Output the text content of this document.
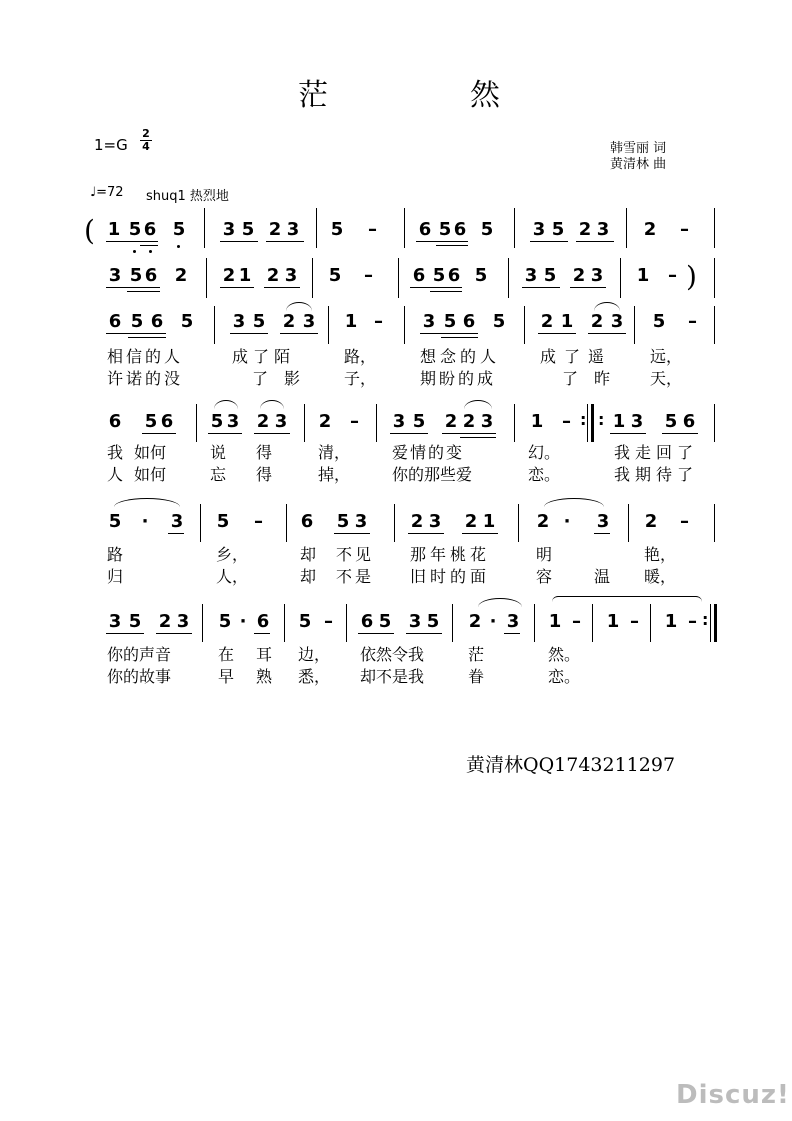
茫	然
1=G
2
4	韩雪丽 词
黄清林 曲
♩=72 shuq1 热烈地
( 1 5 6 5 3 5 2 3 5 – 6 5 6 5 3 5 2 3 2 –
3 5 6 2 2 1 2 3 5 – 6 5 6 5 3 5 2 3 1 – )
6 5 6 5 3 5 2 3 1 – 3 5 6 5 2 1 2 3 5 –
相信的人	成了陌	路，	想念的人 成了遥 远，
许诺的没	了 影	子，	期盼的成	了 昨 天，
6 5 6 5 3 2 3 2 – 3 5 2 2 3 1 – : : 1 3 5 6
我 如何	说 得	清，	爱情的变	幻。	我走回了
人 如何	忘 得	掉，	你的那些爱	恋。	我期待了
5 · 3 5 – 6 5 3 2 3 2 1 2 · 3 2 –
路	乡，	却 不见 那年桃花	明	艳，
归	人，	却 不是 旧时的面	容	温 暖，
3 5 2 3 5 · 6 5 – 6 5 3 5 2 · 3 1 – 1 – 1 – :
你的声音	在 耳 边， 依然令我	茫	然。
你的故事	早 熟 悉， 却不是我	眷	恋。
黄清林QQ1743211297
Discuz!
